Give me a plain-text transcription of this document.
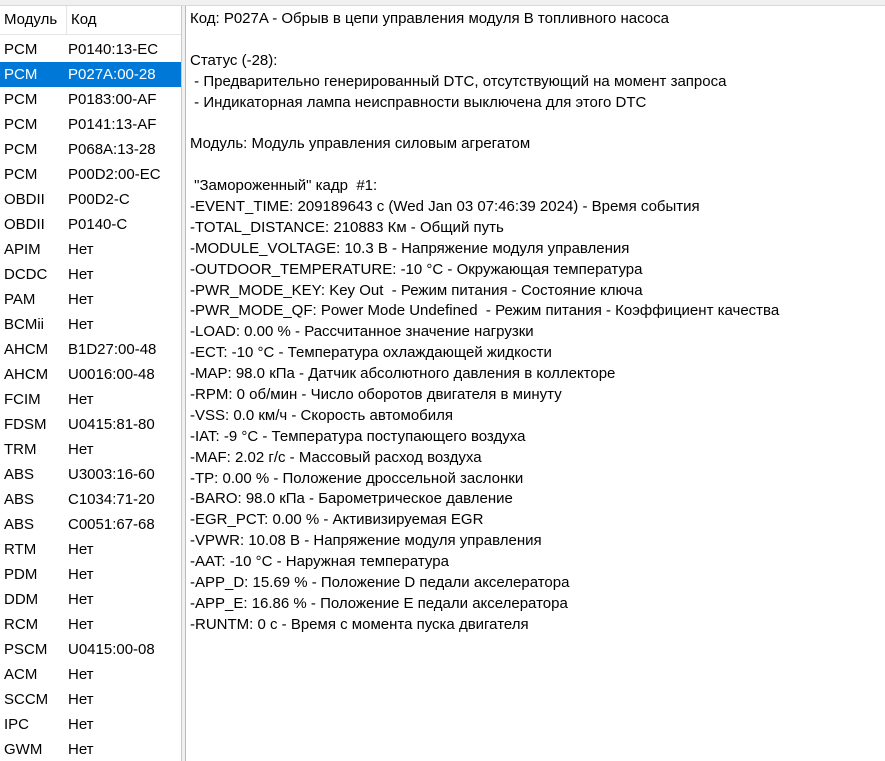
Модуль Код
PCM	P0140:13-EC
PCM	P027A:00-28
PCM	P0183:00-AF
PCM	P0141:13-AF
PCM	P068A:13-28
PCM	P00D2:00-EC
OBDII	P00D2-C
OBDII	P0140-C
APIM	Нет
DCDC	Нет
PAM	Нет
BCMii	Нет
AHCM	B1D27:00-48
AHCM	U0016:00-48
FCIM	Нет
FDSM	U0415:81-80
TRM	Нет
ABS	U3003:16-60
ABS	C1034:71-20
ABS	C0051:67-68
RTM	Нет
PDM	Нет
DDM	Нет
RCM	Нет
PSCM	U0415:00-08
ACM	Нет
SCCM	Нет
IPC	Нет
GWM	Нет
Код: P027A - Обрыв в цепи управления модуля B топливного насоса
Статус (-28):
- Предварительно генерированный DTC, отсутствующий на момент запроса
- Индикаторная лампа неисправности выключена для этого DTC
Модуль: Модуль управления силовым агрегатом
"Замороженный" кадр  #1:
-EVENT_TIME: 209189643 с (Wed Jan 03 07:46:39 2024) - Время события
-TOTAL_DISTANCE: 210883 Км - Общий путь
-MODULE_VOLTAGE: 10.3 В - Напряжение модуля управления
-OUTDOOR_TEMPERATURE: -10 °C - Окружающая температура
-PWR_MODE_KEY: Key Out  - Режим питания - Состояние ключа
-PWR_MODE_QF: Power Mode Undefined  - Режим питания - Коэффициент качества
-LOAD: 0.00 % - Рассчитанное значение нагрузки
-ECT: -10 °C - Температура охлаждающей жидкости
-MAP: 98.0 кПа - Датчик абсолютного давления в коллекторе
-RPM: 0 об/мин - Число оборотов двигателя в минуту
-VSS: 0.0 км/ч - Скорость автомобиля
-IAT: -9 °C - Температура поступающего воздуха
-MAF: 2.02 г/с - Массовый расход воздуха
-TP: 0.00 % - Положение дроссельной заслонки
-BARO: 98.0 кПа - Барометрическое давление
-EGR_PCT: 0.00 % - Активизируемая EGR
-VPWR: 10.08 В - Напряжение модуля управления
-AAT: -10 °C - Наружная температура
-APP_D: 15.69 % - Положение D педали акселератора
-APP_E: 16.86 % - Положение E педали акселератора
-RUNTM: 0 с - Время с момента пуска двигателя
